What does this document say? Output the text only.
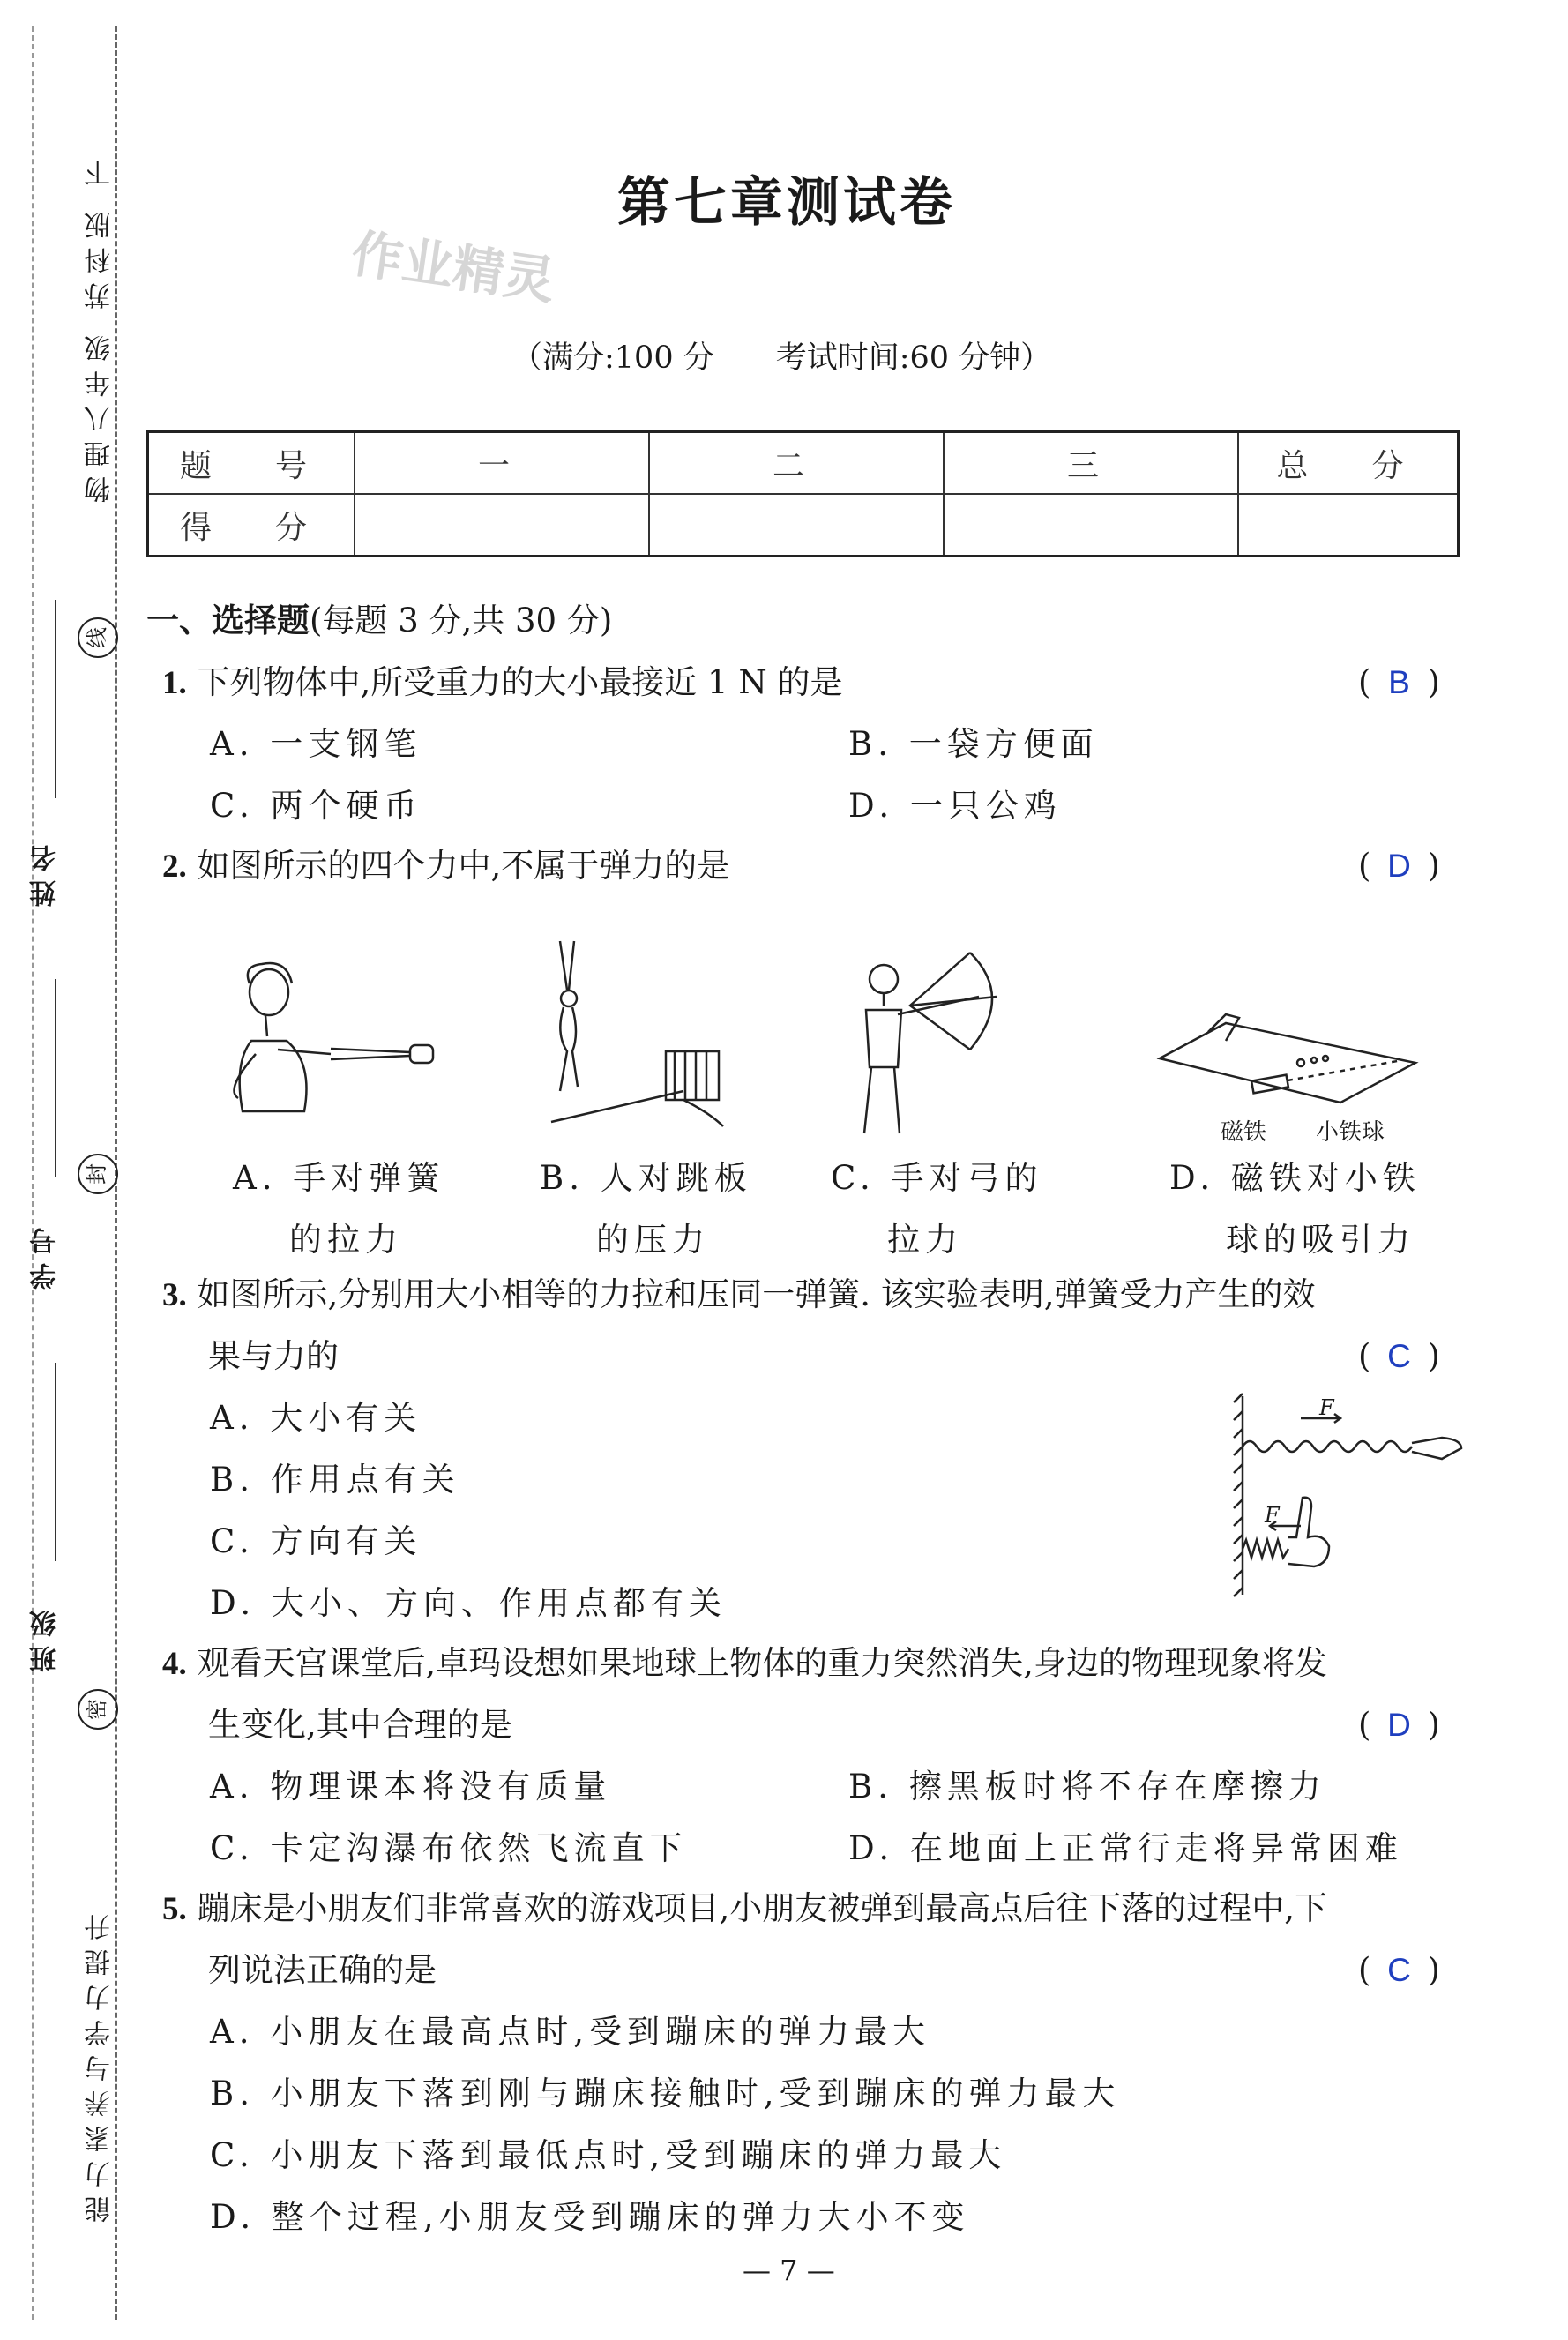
物理八年级 苏科版 下
能力素养与学力提升
姓名
学号
班级
线
封
密
第七章测试卷
作业精灵
（满分:100 分　　考试时间:60 分钟）
题　号	一	二	三	总　分
得　分				
一、选择题(每题 3 分,共 30 分)
1. 下列物体中,所受重力的大小最接近 1 N 的是	( B )
A. 一支钢笔	B. 一袋方便面
C. 两个硬币	D. 一只公鸡
2. 如图所示的四个力中,不属于弹力的是	( D )
磁铁 小铁球
A. 手对弹簧
的拉力
B. 人对跳板
的压力
C. 手对弓的
拉力
D. 磁铁对小铁
球的吸引力
3. 如图所示,分别用大小相等的力拉和压同一弹簧. 该实验表明,弹簧受力产生的效
果与力的	( C )
A. 大小有关
B. 作用点有关
C. 方向有关
D. 大小、方向、作用点都有关
F
F
4. 观看天宫课堂后,卓玛设想如果地球上物体的重力突然消失,身边的物理现象将发
生变化,其中合理的是	( D )
A. 物理课本将没有质量	B. 擦黑板时将不存在摩擦力
C. 卡定沟瀑布依然飞流直下	D. 在地面上正常行走将异常困难
5. 蹦床是小朋友们非常喜欢的游戏项目,小朋友被弹到最高点后往下落的过程中,下
列说法正确的是	( C )
A. 小朋友在最高点时,受到蹦床的弹力最大
B. 小朋友下落到刚与蹦床接触时,受到蹦床的弹力最大
C. 小朋友下落到最低点时,受到蹦床的弹力最大
D. 整个过程,小朋友受到蹦床的弹力大小不变
— 7 —
